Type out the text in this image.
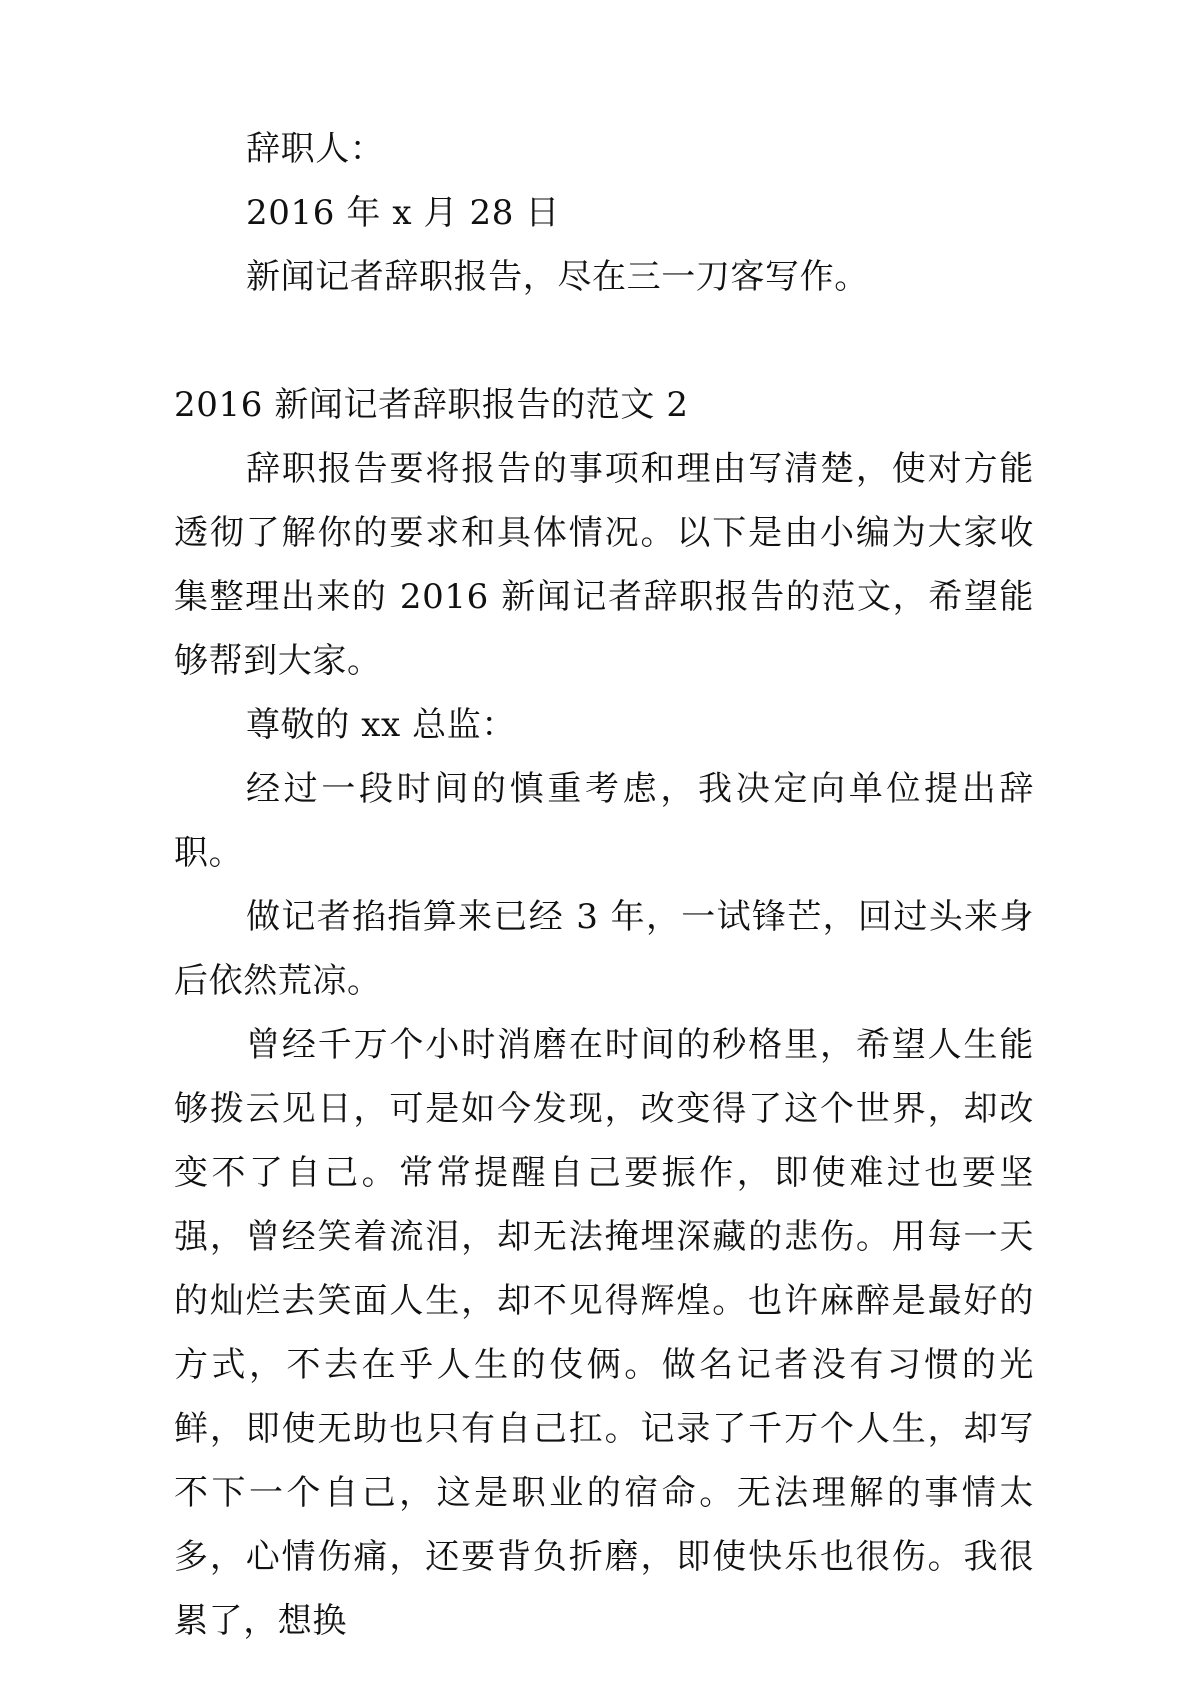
辞职人：

2016 年 x 月 28 日

新闻记者辞职报告，尽在三一刀客写作。

2016 新闻记者辞职报告的范文 2

辞职报告要将报告的事项和理由写清楚，使对方能透彻了解你的要求和具体情况。以下是由小编为大家收集整理出来的 2016 新闻记者辞职报告的范文，希望能够帮到大家。

尊敬的 xx 总监：

经过一段时间的慎重考虑，我决定向单位提出辞职。

做记者掐指算来已经 3 年，一试锋芒，回过头来身后依然荒凉。

曾经千万个小时消磨在时间的秒格里，希望人生能够拨云见日，可是如今发现，改变得了这个世界，却改变不了自己。常常提醒自己要振作，即使难过也要坚强，曾经笑着流泪，却无法掩埋深藏的悲伤。用每一天的灿烂去笑面人生，却不见得辉煌。也许麻醉是最好的方式，不去在乎人生的伎俩。做名记者没有习惯的光鲜，即使无助也只有自己扛。记录了千万个人生，却写不下一个自己，这是职业的宿命。无法理解的事情太多，心情伤痛，还要背负折磨，即使快乐也很伤。我很累了，想换
